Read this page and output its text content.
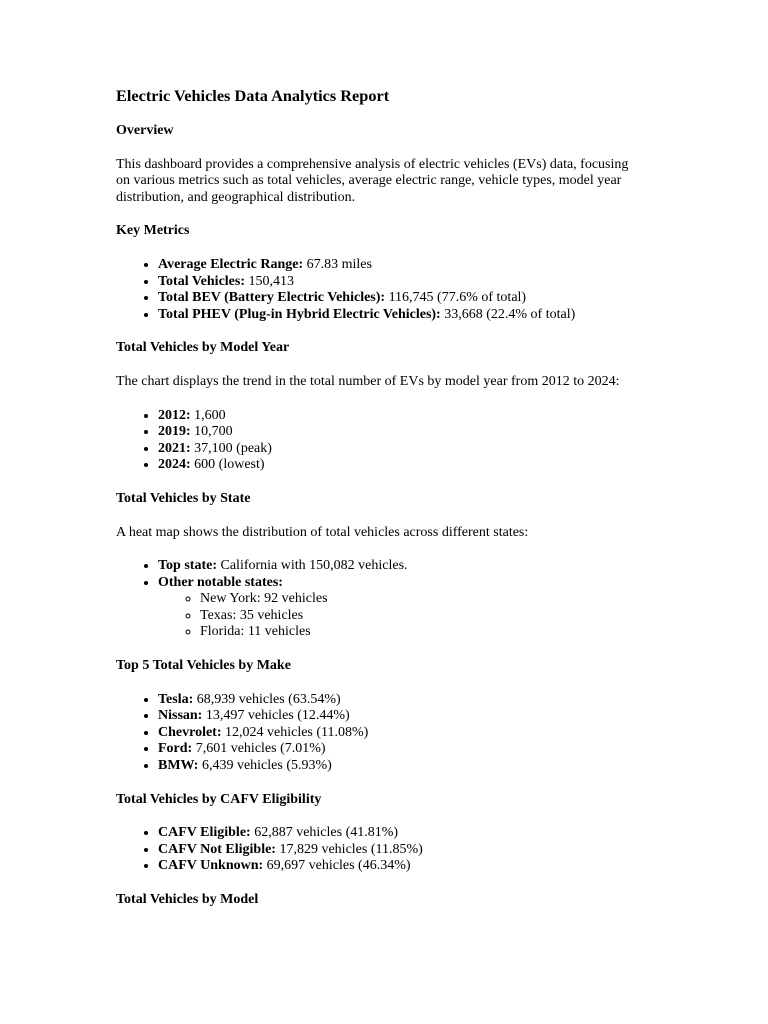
Electric Vehicles Data Analytics Report
Overview

This dashboard provides a comprehensive analysis of electric vehicles (EVs) data, focusing on various metrics such as total vehicles, average electric range, vehicle types, model year distribution, and geographical distribution.

Key Metrics
• Average Electric Range: 67.83 miles
• Total Vehicles: 150,413
• Total BEV (Battery Electric Vehicles): 116,745 (77.6% of total)
• Total PHEV (Plug-in Hybrid Electric Vehicles): 33,668 (22.4% of total)
Total Vehicles by Model Year

The chart displays the trend in the total number of EVs by model year from 2012 to 2024:

• 2012: 1,600
• 2019: 10,700
• 2021: 37,100 (peak)
• 2024: 600 (lowest)
Total Vehicles by State

A heat map shows the distribution of total vehicles across different states:

• Top state: California with 150,082 vehicles.
• Other notable states:
◦ New York: 92 vehicles
◦ Texas: 35 vehicles
◦ Florida: 11 vehicles
Top 5 Total Vehicles by Make
• Tesla: 68,939 vehicles (63.54%)
• Nissan: 13,497 vehicles (12.44%)
• Chevrolet: 12,024 vehicles (11.08%)
• Ford: 7,601 vehicles (7.01%)
• BMW: 6,439 vehicles (5.93%)
Total Vehicles by CAFV Eligibility
• CAFV Eligible: 62,887 vehicles (41.81%)
• CAFV Not Eligible: 17,829 vehicles (11.85%)
• CAFV Unknown: 69,697 vehicles (46.34%)
Total Vehicles by Model
